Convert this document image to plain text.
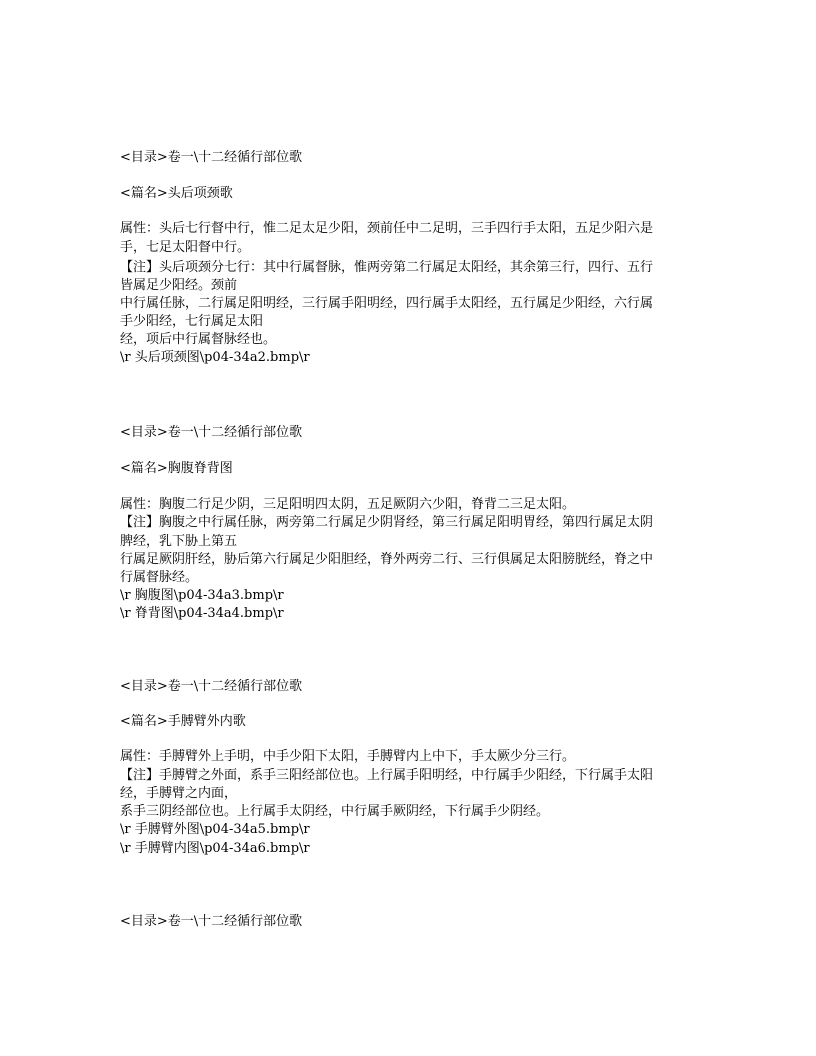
<目录>卷一\十二经循行部位歌
<篇名>头后项颈歌
属性：头后七行督中行，惟二足太足少阳，颈前任中二足明，三手四行手太阳，五足少阳六是
手，七足太阳督中行。
【注】头后项颈分七行：其中行属督脉，惟两旁第二行属足太阳经，其余第三行，四行、五行
皆属足少阳经。颈前
中行属任脉，二行属足阳明经，三行属手阳明经，四行属手太阳经，五行属足少阳经，六行属
手少阳经，七行属足太阳
经，项后中行属督脉经也。
\r 头后项颈图\p04-34a2.bmp\r
<目录>卷一\十二经循行部位歌
<篇名>胸腹脊背图
属性：胸腹二行足少阴，三足阳明四太阴，五足厥阴六少阳，脊背二三足太阳。
【注】胸腹之中行属任脉，两旁第二行属足少阴肾经，第三行属足阳明胃经，第四行属足太阴
脾经，乳下胁上第五
行属足厥阴肝经，胁后第六行属足少阳胆经，脊外两旁二行、三行俱属足太阳膀胱经，脊之中
行属督脉经。
\r 胸腹图\p04-34a3.bmp\r
\r 脊背图\p04-34a4.bmp\r
<目录>卷一\十二经循行部位歌
<篇名>手膊臂外内歌
属性：手膊臂外上手明，中手少阳下太阳，手膊臂内上中下，手太厥少分三行。
【注】手膊臂之外面，系手三阳经部位也。上行属手阳明经，中行属手少阳经，下行属手太阳
经，手膊臂之内面，
系手三阴经部位也。上行属手太阴经，中行属手厥阴经，下行属手少阴经。
\r 手膊臂外图\p04-34a5.bmp\r
\r 手膊臂内图\p04-34a6.bmp\r
<目录>卷一\十二经循行部位歌
